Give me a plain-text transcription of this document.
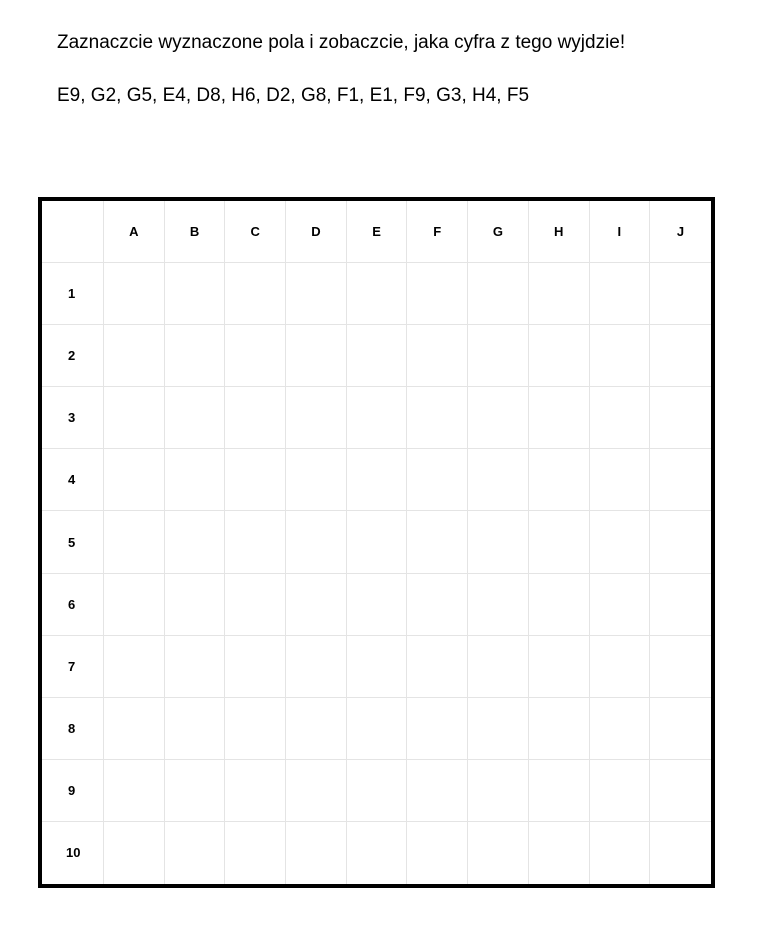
Zaznaczcie wyznaczone pola i zobaczcie, jaka cyfra z tego wyjdzie!
E9, G2, G5, E4, D8, H6, D2, G8, F1, E1, F9, G3, H4, F5
A	B	C	D	E	F	G	H	I	J
1
2
3
4
5
6
7
8
9
10
